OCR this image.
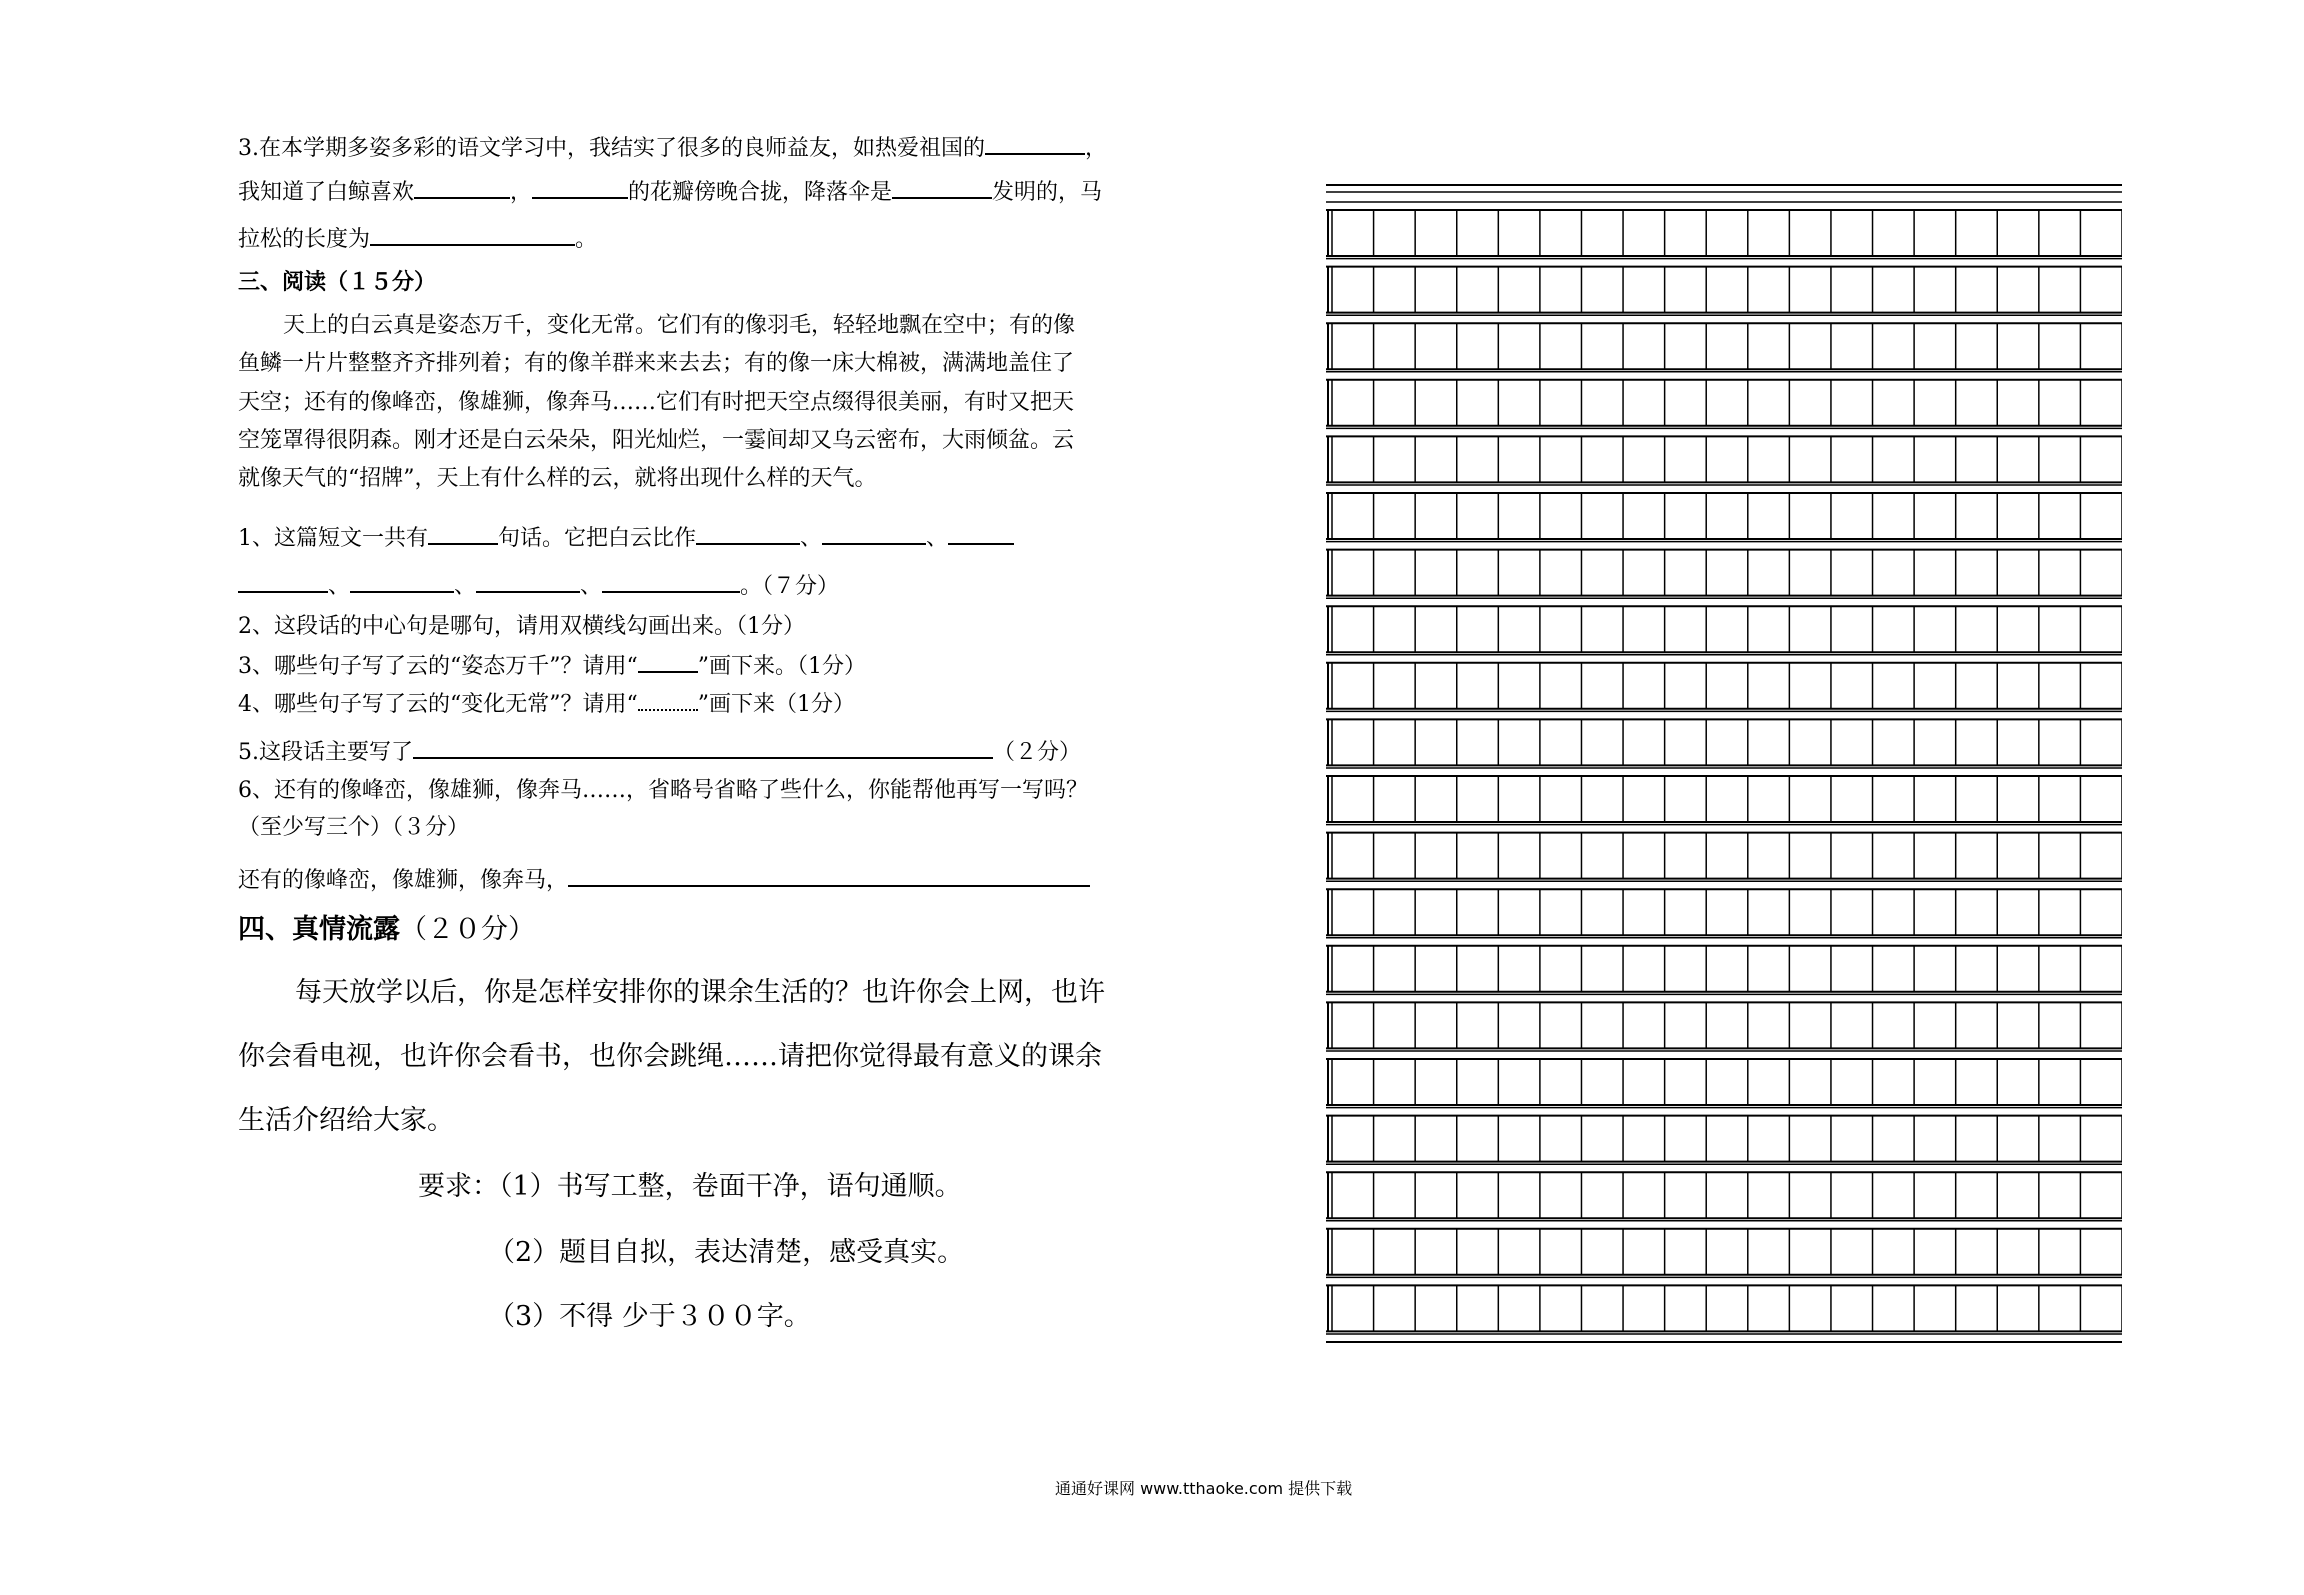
3.在本学期多姿多彩的语文学习中，我结实了很多的良师益友，如热爱祖国的	，
我知道了白鲸喜欢	，	的花瓣傍晚合拢，降落伞是	发明的，马
拉松的长度为	。
三、阅读（１５分）
天上的白云真是姿态万千，变化无常。它们有的像羽毛，轻轻地飘在空中；有的像
鱼鳞一片片整整齐齐排列着；有的像羊群来来去去；有的像一床大棉被，满满地盖住了
天空；还有的像峰峦，像雄狮，像奔马……它们有时把天空点缀得很美丽，有时又把天
空笼罩得很阴森。刚才还是白云朵朵，阳光灿烂，一霎间却又乌云密布，大雨倾盆。云
就像天气的“招牌”，天上有什么样的云，就将出现什么样的天气。
1、这篇短文一共有	句话。它把白云比作	、	、
、	、	、	。（７分）
2、这段话的中心句是哪句，请用双横线勾画出来。（1分）
3、哪些句子写了云的“姿态万千”？请用“	”画下来。（1分）
4、哪些句子写了云的“变化无常”？请用“	”画下来（1分）
5.这段话主要写了	（２分）
6、还有的像峰峦，像雄狮，像奔马……，省略号省略了些什么，你能帮他再写一写吗？
（至少写三个）（３分）
还有的像峰峦，像雄狮，像奔马，
四、真情流露（２０分）
每天放学以后，你是怎样安排你的课余生活的？也许你会上网，也许
你会看电视，也许你会看书，也你会跳绳……请把你觉得最有意义的课余
生活介绍给大家。
要求：（1）书写工整，卷面干净，语句通顺。
（2）题目自拟，表达清楚，感受真实。
（3）不得 少于３００字。
通通好课网 www.tthaoke.com 提供下载
